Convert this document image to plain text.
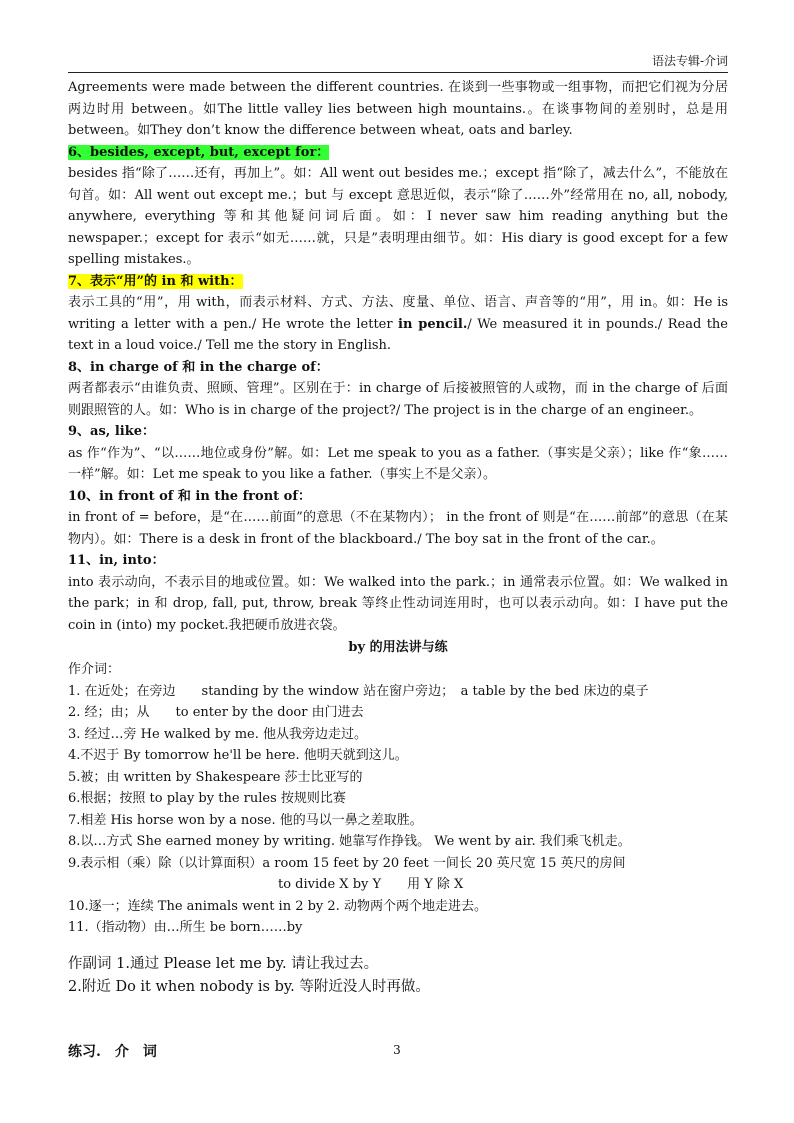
语法专辑-介词

Agreements were made between the different countries. 在谈到一些事物或一组事物，而把它们视为分居两边时用 between。如The little valley lies between high mountains.。在谈事物间的差别时，总是用 between。如They don’t know the difference between wheat, oats and barley.

6、besides, except, but, except for：

besides 指“除了……还有，再加上”。如：All went out besides me.；except 指“除了，减去什么”，不能放在句首。如：All went out except me.；but 与 except 意思近似，表示“除了……外”经常用在 no, all, nobody, anywhere, everything 等和其他疑问词后面。如：I never saw him reading anything but the newspaper.；except for 表示“如无……就，只是”表明理由细节。如：His diary is good except for a few spelling mistakes.。

7、表示“用”的 in 和 with：

表示工具的“用”，用 with，而表示材料、方式、方法、度量、单位、语言、声音等的“用”，用 in。如：He is writing a letter with a pen./ He wrote the letter in pencil./ We measured it in pounds./ Read the text in a loud voice./ Tell me the story in English.

8、in charge of 和 in the charge of：

两者都表示“由谁负责、照顾、管理”。区别在于：in charge of 后接被照管的人或物，而 in the charge of 后面则跟照管的人。如：Who is in charge of the project?/ The project is in the charge of an engineer.。

9、as, like：

as 作“作为”、“以……地位或身份”解。如：Let me speak to you as a father.（事实是父亲）；like 作“象……一样”解。如：Let me speak to you like a father.（事实上不是父亲）。

10、in front of 和 in the front of：

in front of = before，是“在……前面”的意思（不在某物内）； in the front of 则是“在……前部”的意思（在某物内）。如：There is a desk in front of the blackboard./ The boy sat in the front of the car.。

11、in, into：

into 表示动向，不表示目的地或位置。如：We walked into the park.；in 通常表示位置。如：We walked in the park；in 和 drop, fall, put, throw, break 等终止性动词连用时，也可以表示动向。如：I have put the coin in (into) my pocket.我把硬币放进衣袋。

by 的用法讲与练

作介词：

1. 在近处；在旁边　　standing by the window 站在窗户旁边；　a table by the bed 床边的桌子
2. 经；由；从　　to enter by the door 由门进去
3. 经过…旁 He walked by me. 他从我旁边走过。
4.不迟于 By tomorrow he'll be here. 他明天就到这儿。
5.被；由 written by Shakespeare 莎士比亚写的
6.根据；按照 to play by the rules 按规则比赛
7.相差 His horse won by a nose. 他的马以一鼻之差取胜。
8.以…方式 She earned money by writing. 她靠写作挣钱。 We went by air. 我们乘飞机走。
9.表示相（乘）除（以计算面积）a room 15 feet by 20 feet 一间长 20 英尺宽 15 英尺的房间
to divide X by Y　　用 Y 除 X
10.逐一；连续 The animals went in 2 by 2. 动物两个两个地走进去。
11.（指动物）由…所生 be born……by

作副词 1.通过 Please let me by. 请让我过去。

2.附近 Do it when nobody is by. 等附近没人时再做。

练习.　介　词	3
